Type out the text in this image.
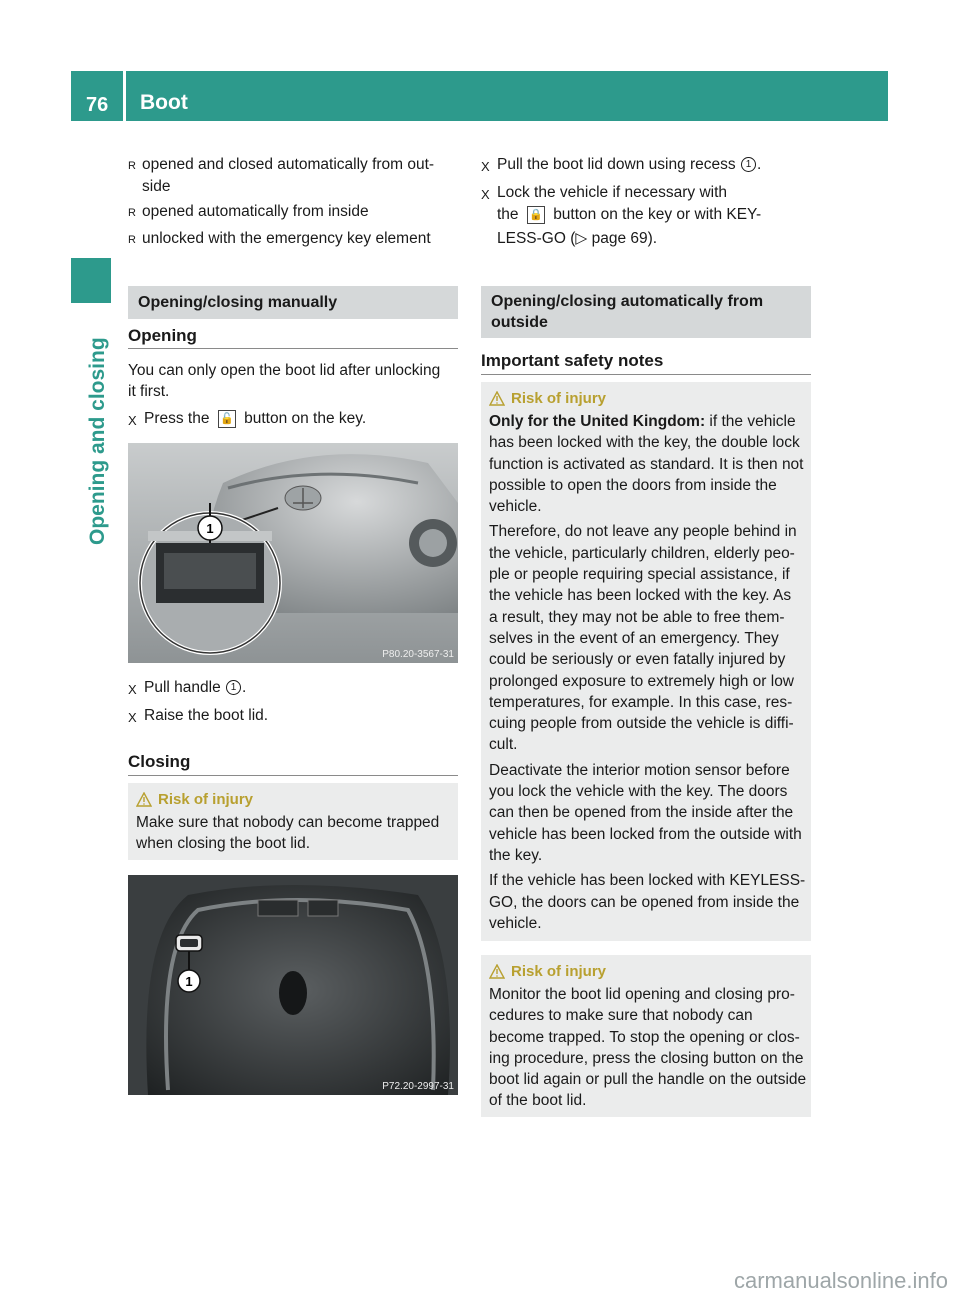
76 Boot
Opening and closing
R opened and closed automatically from out-
side
R opened automatically from inside
R unlocked with the emergency key element
Opening/closing manually
Opening
You can only open the boot lid after unlocking
it first.
X Press the 🔓 button on the key.
1
P80.20-3567-31
X Pull handle 1 .
X Raise the boot lid.
Closing
Risk of injury
Make sure that nobody can become trapped
when closing the boot lid.
1
P72.20-2997-31
X Pull the boot lid down using recess 1 .
X Lock the vehicle if necessary with
the 🔒 button on the key or with KEY-
LESS-GO (▷ page 69).
Opening/closing automatically from
outside
Important safety notes
Risk of injury
Only for the United Kingdom: if the vehicle
has been locked with the key, the double lock
function is activated as standard. It is then not
possible to open the doors from inside the
vehicle.
Therefore, do not leave any people behind in
the vehicle, particularly children, elderly peo-
ple or people requiring special assistance, if
the vehicle has been locked with the key. As
a result, they may not be able to free them-
selves in the event of an emergency. They
could be seriously or even fatally injured by
prolonged exposure to extremely high or low
temperatures, for example. In this case, res-
cuing people from outside the vehicle is diffi-
cult.
Deactivate the interior motion sensor before
you lock the vehicle with the key. The doors
can then be opened from the inside after the
vehicle has been locked from the outside with
the key.
If the vehicle has been locked with KEYLESS-
GO, the doors can be opened from inside the
vehicle.
Risk of injury
Monitor the boot lid opening and closing pro-
cedures to make sure that nobody can
become trapped. To stop the opening or clos-
ing procedure, press the closing button on the
boot lid again or pull the handle on the outside
of the boot lid.
carmanualsonline.info
